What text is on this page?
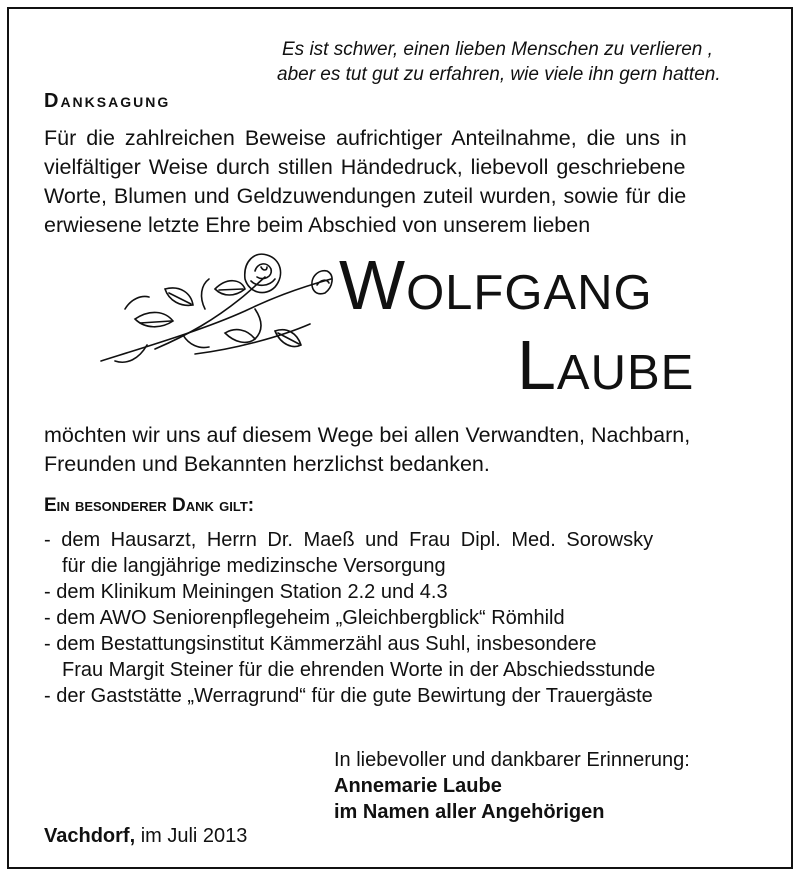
Es ist schwer, einen lieben Menschen zu verlieren ,
aber es tut gut zu erfahren, wie viele ihn gern hatten.
Danksagung
Für die zahlreichen Beweise aufrichtiger Anteilnahme, die uns in
vielfältiger Weise durch stillen Händedruck, liebevoll geschriebene
Worte, Blumen und Geldzuwendungen zuteil wurden, sowie für die
erwiesene letzte Ehre beim Abschied von unserem lieben
Wolfgang
Laube
möchten wir uns auf diesem Wege bei allen Verwandten, Nachbarn,
Freunden und Bekannten herzlichst bedanken.
Ein besonderer Dank gilt:
- dem Hausarzt, Herrn Dr. Maeß und Frau Dipl. Med. Sorowsky
für die langjährige medizinsche Versorgung
- dem Klinikum Meiningen Station 2.2 und 4.3
- dem AWO Seniorenpflegeheim „Gleichbergblick“ Römhild
- dem Bestattungsinstitut Kämmerzähl aus Suhl, insbesondere
Frau Margit Steiner für die ehrenden Worte in der Abschiedsstunde
- der Gaststätte „Werragrund“ für die gute Bewirtung der Trauergäste
In liebevoller und dankbarer Erinnerung:
Annemarie Laube
im Namen aller Angehörigen
Vachdorf, im Juli 2013
